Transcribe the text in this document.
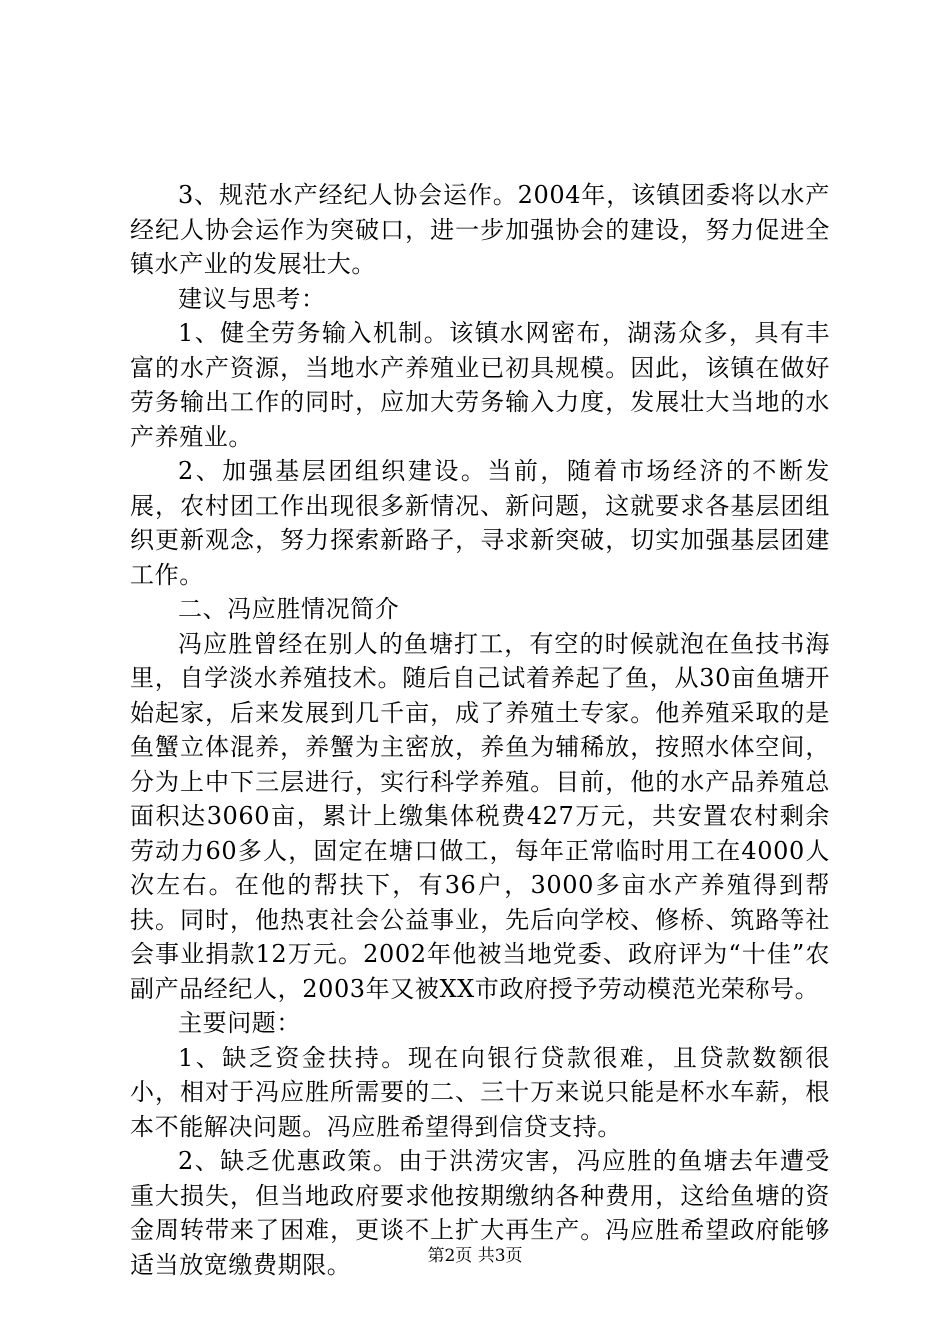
3、规范水产经纪人协会运作。2004年，该镇团委将以水产经纪人协会运作为突破口，进一步加强协会的建设，努力促进全镇水产业的发展壮大。

建议与思考：

1、健全劳务输入机制。该镇水网密布，湖荡众多，具有丰富的水产资源，当地水产养殖业已初具规模。因此，该镇在做好劳务输出工作的同时，应加大劳务输入力度，发展壮大当地的水产养殖业。

2、加强基层团组织建设。当前，随着市场经济的不断发展，农村团工作出现很多新情况、新问题，这就要求各基层团组织更新观念，努力探索新路子，寻求新突破，切实加强基层团建工作。

二、冯应胜情况简介

冯应胜曾经在别人的鱼塘打工，有空的时候就泡在鱼技书海里，自学淡水养殖技术。随后自己试着养起了鱼，从30亩鱼塘开始起家，后来发展到几千亩，成了养殖土专家。他养殖采取的是鱼蟹立体混养，养蟹为主密放，养鱼为辅稀放，按照水体空间，分为上中下三层进行，实行科学养殖。目前，他的水产品养殖总面积达3060亩，累计上缴集体税费427万元，共安置农村剩余劳动力60多人，固定在塘口做工，每年正常临时用工在4000人次左右。在他的帮扶下，有36户，3000多亩水产养殖得到帮扶。同时，他热衷社会公益事业，先后向学校、修桥、筑路等社会事业捐款12万元。2002年他被当地党委、政府评为“十佳”农副产品经纪人，2003年又被XX市政府授予劳动模范光荣称号。

主要问题：

1、缺乏资金扶持。现在向银行贷款很难，且贷款数额很小，相对于冯应胜所需要的二、三十万来说只能是杯水车薪，根本不能解决问题。冯应胜希望得到信贷支持。

2、缺乏优惠政策。由于洪涝灾害，冯应胜的鱼塘去年遭受重大损失，但当地政府要求他按期缴纳各种费用，这给鱼塘的资金周转带来了困难，更谈不上扩大再生产。冯应胜希望政府能够适当放宽缴费期限。	第2页 共3页
